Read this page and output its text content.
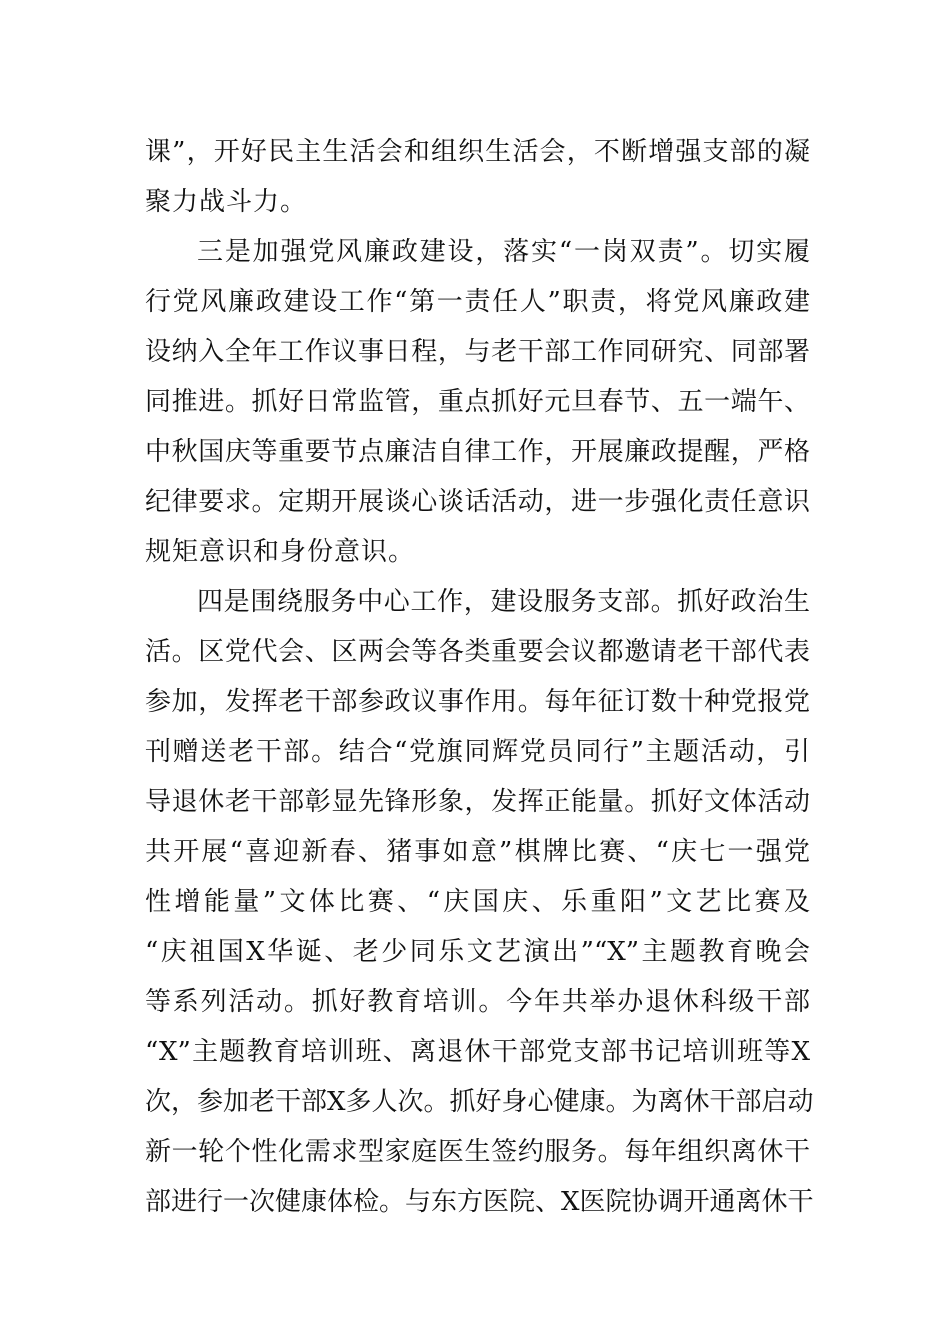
课”，开好民主生活会和组织生活会，不断增强支部的凝
聚力战斗力。
三是加强党风廉政建设，落实“一岗双责”。切实履
行党风廉政建设工作“第一责任人”职责，将党风廉政建
设纳入全年工作议事日程，与老干部工作同研究、同部署
同推进。抓好日常监管，重点抓好元旦春节、五一端午、
中秋国庆等重要节点廉洁自律工作，开展廉政提醒，严格
纪律要求。定期开展谈心谈话活动，进一步强化责任意识
规矩意识和身份意识。
四是围绕服务中心工作，建设服务支部。抓好政治生
活。区党代会、区两会等各类重要会议都邀请老干部代表
参加，发挥老干部参政议事作用。每年征订数十种党报党
刊赠送老干部。结合“党旗同辉党员同行”主题活动，引
导退休老干部彰显先锋形象，发挥正能量。抓好文体活动
共开展“喜迎新春、猪事如意”棋牌比赛、“庆七一强党
性增能量”文体比赛、“庆国庆、乐重阳”文艺比赛及
“庆祖国X华诞、老少同乐文艺演出”“X”主题教育晚会
等系列活动。抓好教育培训。今年共举办退休科级干部
“X”主题教育培训班、离退休干部党支部书记培训班等X
次，参加老干部X多人次。抓好身心健康。为离休干部启动
新一轮个性化需求型家庭医生签约服务。每年组织离休干
部进行一次健康体检。与东方医院、X医院协调开通离休干
